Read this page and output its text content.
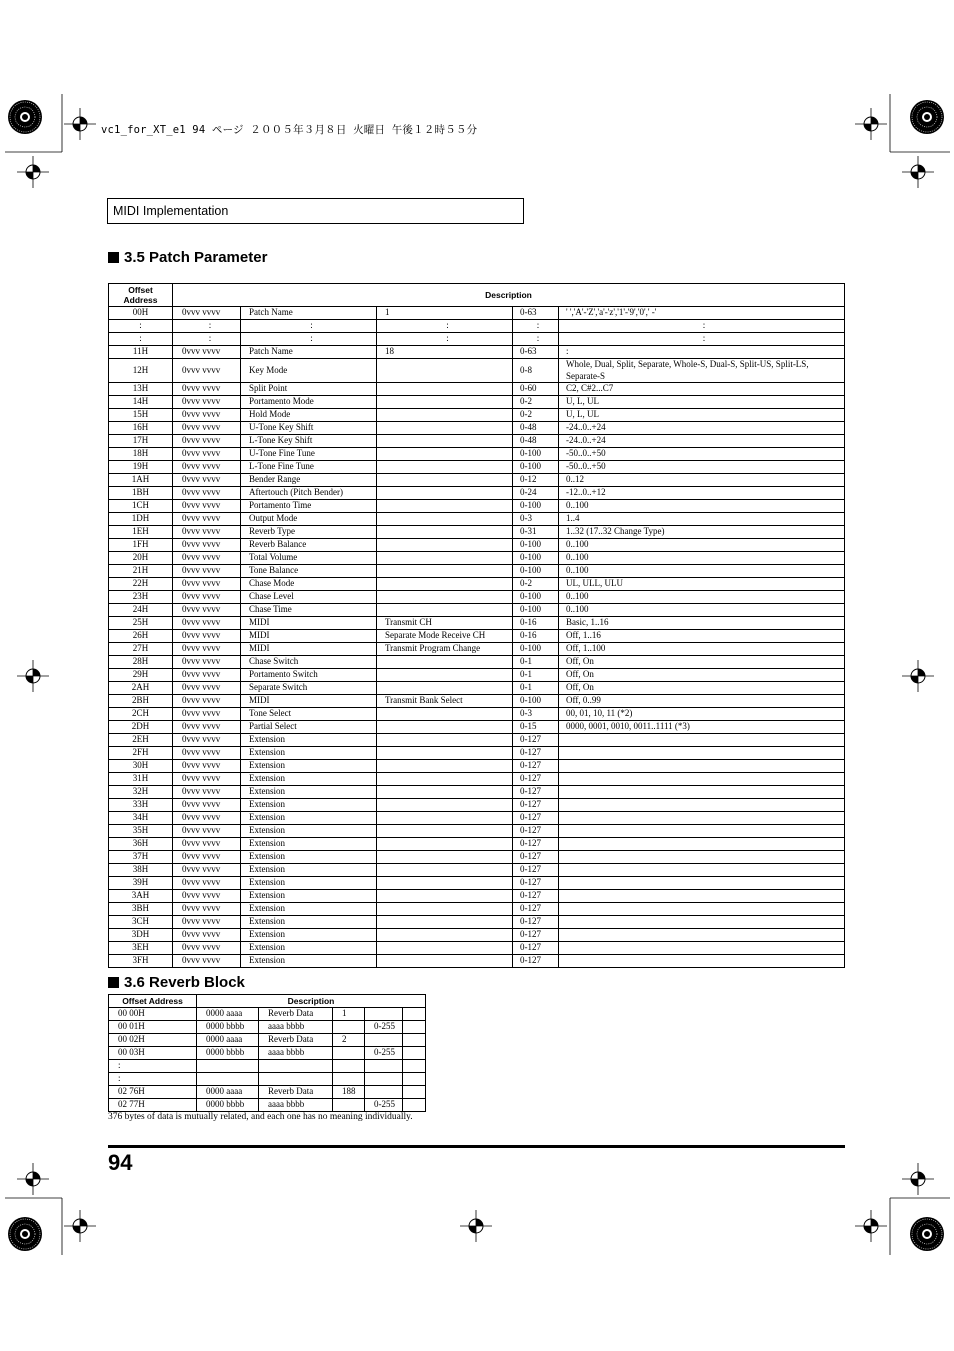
vc1_for_XT_e1 94 ページ ２００５年３月８日 火曜日 午後１２時５５分
MIDI Implementation
3.5 Patch Parameter
Offset Address	Description				
00H	0vvv vvvv	Patch Name	1	0-63	' ','A'-'Z','a'-'z','1'-'9','0',' -'
:	:	:	:	:	:
:	:	:	:	:	:
11H	0vvv vvvv	Patch Name	18	0-63	:
12H	0vvv vvvv	Key Mode		0-8	Whole, Dual, Split, Separate, Whole-S, Dual-S, Split-US, Split-LS, Separate-S
13H	0vvv vvvv	Split Point		0-60	C2, C#2...C7
14H	0vvv vvvv	Portamento Mode		0-2	U, L, UL
15H	0vvv vvvv	Hold Mode		0-2	U, L, UL
16H	0vvv vvvv	U-Tone Key Shift		0-48	-24..0..+24
17H	0vvv vvvv	L-Tone Key Shift		0-48	-24..0..+24
18H	0vvv vvvv	U-Tone Fine Tune		0-100	-50..0..+50
19H	0vvv vvvv	L-Tone Fine Tune		0-100	-50..0..+50
1AH	0vvv vvvv	Bender Range		0-12	0..12
1BH	0vvv vvvv	Aftertouch (Pitch Bender)		0-24	-12..0..+12
1CH	0vvv vvvv	Portamento Time		0-100	0..100
1DH	0vvv vvvv	Output Mode		0-3	1..4
1EH	0vvv vvvv	Reverb Type		0-31	1..32 (17..32 Change Type)
1FH	0vvv vvvv	Reverb Balance		0-100	0..100
20H	0vvv vvvv	Total Volume		0-100	0..100
21H	0vvv vvvv	Tone Balance		0-100	0..100
22H	0vvv vvvv	Chase Mode		0-2	UL, ULL, ULU
23H	0vvv vvvv	Chase Level		0-100	0..100
24H	0vvv vvvv	Chase Time		0-100	0..100
25H	0vvv vvvv	MIDI	Transmit CH	0-16	Basic, 1..16
26H	0vvv vvvv	MIDI	Separate Mode Receive CH	0-16	Off, 1..16
27H	0vvv vvvv	MIDI	Transmit Program Change	0-100	Off, 1..100
28H	0vvv vvvv	Chase Switch		0-1	Off, On
29H	0vvv vvvv	Portamento Switch		0-1	Off, On
2AH	0vvv vvvv	Separate Switch		0-1	Off, On
2BH	0vvv vvvv	MIDI	Transmit Bank Select	0-100	Off, 0..99
2CH	0vvv vvvv	Tone Select		0-3	00, 01, 10, 11 (*2)
2DH	0vvv vvvv	Partial Select		0-15	0000, 0001, 0010, 0011..1111 (*3)
2EH	0vvv vvvv	Extension		0-127	
2FH	0vvv vvvv	Extension		0-127	
30H	0vvv vvvv	Extension		0-127	
31H	0vvv vvvv	Extension		0-127	
32H	0vvv vvvv	Extension		0-127	
33H	0vvv vvvv	Extension		0-127	
34H	0vvv vvvv	Extension		0-127	
35H	0vvv vvvv	Extension		0-127	
36H	0vvv vvvv	Extension		0-127	
37H	0vvv vvvv	Extension		0-127	
38H	0vvv vvvv	Extension		0-127	
39H	0vvv vvvv	Extension		0-127	
3AH	0vvv vvvv	Extension		0-127	
3BH	0vvv vvvv	Extension		0-127	
3CH	0vvv vvvv	Extension		0-127	
3DH	0vvv vvvv	Extension		0-127	
3EH	0vvv vvvv	Extension		0-127	
3FH	0vvv vvvv	Extension		0-127	
3.6 Reverb Block
Offset Address	Description				
00 00H	0000 aaaa	Reverb Data	1		
00 01H	0000 bbbb	aaaa bbbb		0-255	
00 02H	0000 aaaa	Reverb Data	2		
00 03H	0000 bbbb	aaaa bbbb		0-255	
:					
:					
02 76H	0000 aaaa	Reverb Data	188		
02 77H	0000 bbbb	aaaa bbbb		0-255	
376 bytes of data is mutually related, and each one has no meaning individually.
94
